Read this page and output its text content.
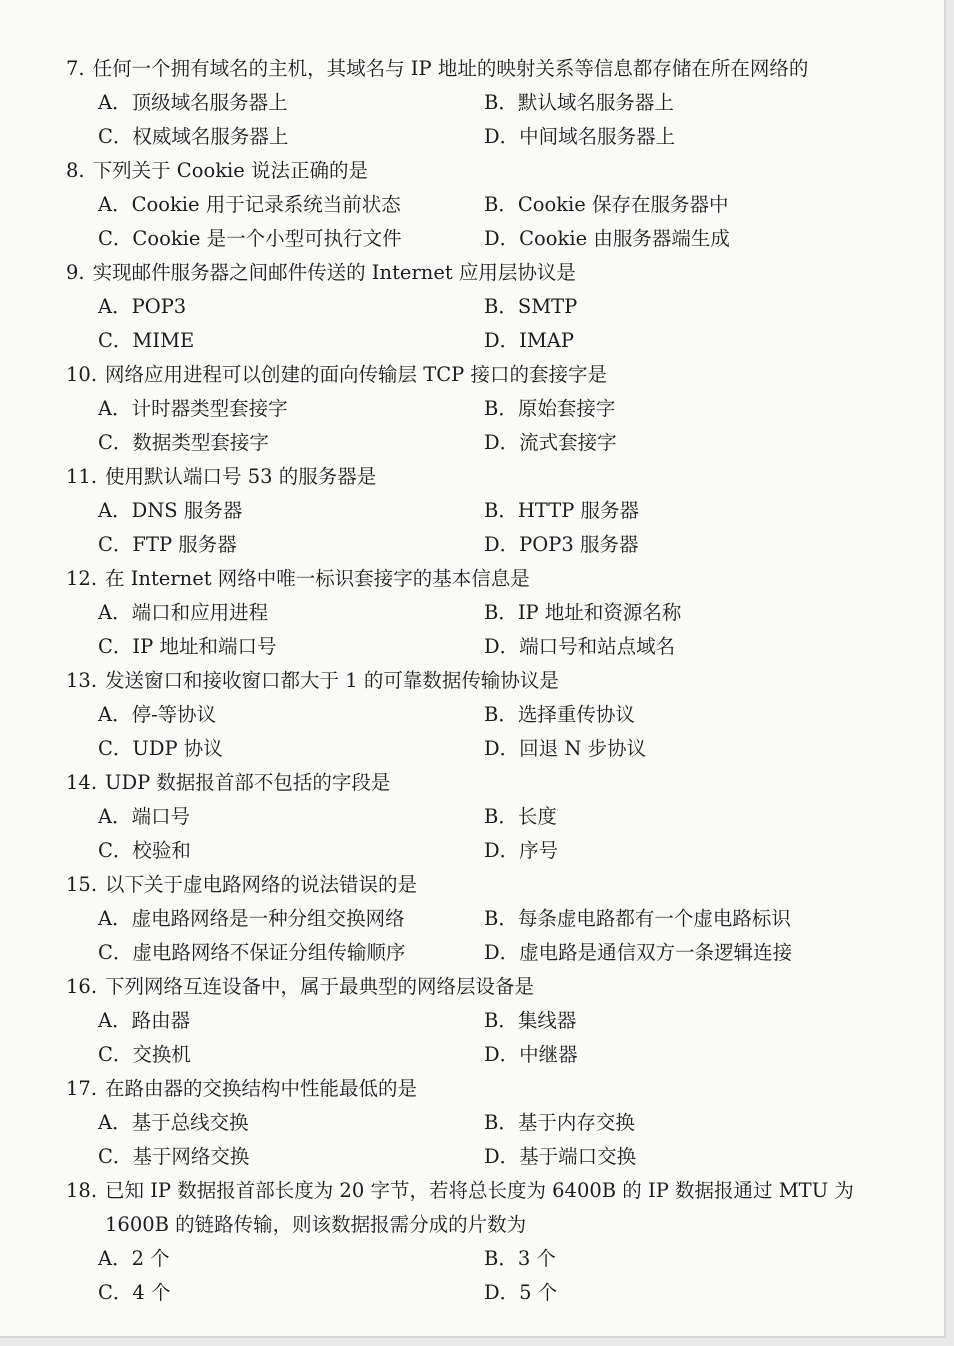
7. 任何一个拥有域名的主机，其域名与 IP 地址的映射关系等信息都存储在所在网络的
A．顶级域名服务器上	B．默认域名服务器上
C．权威域名服务器上	D．中间域名服务器上
8. 下列关于 Cookie 说法正确的是
A．Cookie 用于记录系统当前状态	B．Cookie 保存在服务器中
C．Cookie 是一个小型可执行文件	D．Cookie 由服务器端生成
9. 实现邮件服务器之间邮件传送的 Internet 应用层协议是
A．POP3	B．SMTP
C．MIME	D．IMAP
10. 网络应用进程可以创建的面向传输层 TCP 接口的套接字是
A．计时器类型套接字	B．原始套接字
C．数据类型套接字	D．流式套接字
11. 使用默认端口号 53 的服务器是
A．DNS 服务器	B．HTTP 服务器
C．FTP 服务器	D．POP3 服务器
12. 在 Internet 网络中唯一标识套接字的基本信息是
A．端口和应用进程	B．IP 地址和资源名称
C．IP 地址和端口号	D．端口号和站点域名
13. 发送窗口和接收窗口都大于 1 的可靠数据传输协议是
A．停-等协议	B．选择重传协议
C．UDP 协议	D．回退 N 步协议
14. UDP 数据报首部不包括的字段是
A．端口号	B．长度
C．校验和	D．序号
15. 以下关于虚电路网络的说法错误的是
A．虚电路网络是一种分组交换网络	B．每条虚电路都有一个虚电路标识
C．虚电路网络不保证分组传输顺序	D．虚电路是通信双方一条逻辑连接
16. 下列网络互连设备中，属于最典型的网络层设备是
A．路由器	B．集线器
C．交换机	D．中继器
17. 在路由器的交换结构中性能最低的是
A．基于总线交换	B．基于内存交换
C．基于网络交换	D．基于端口交换
18. 已知 IP 数据报首部长度为 20 字节，若将总长度为 6400B 的 IP 数据报通过 MTU 为 1600B 的链路传输，则该数据报需分成的片数为
A．2 个	B．3 个
C．4 个	D．5 个
